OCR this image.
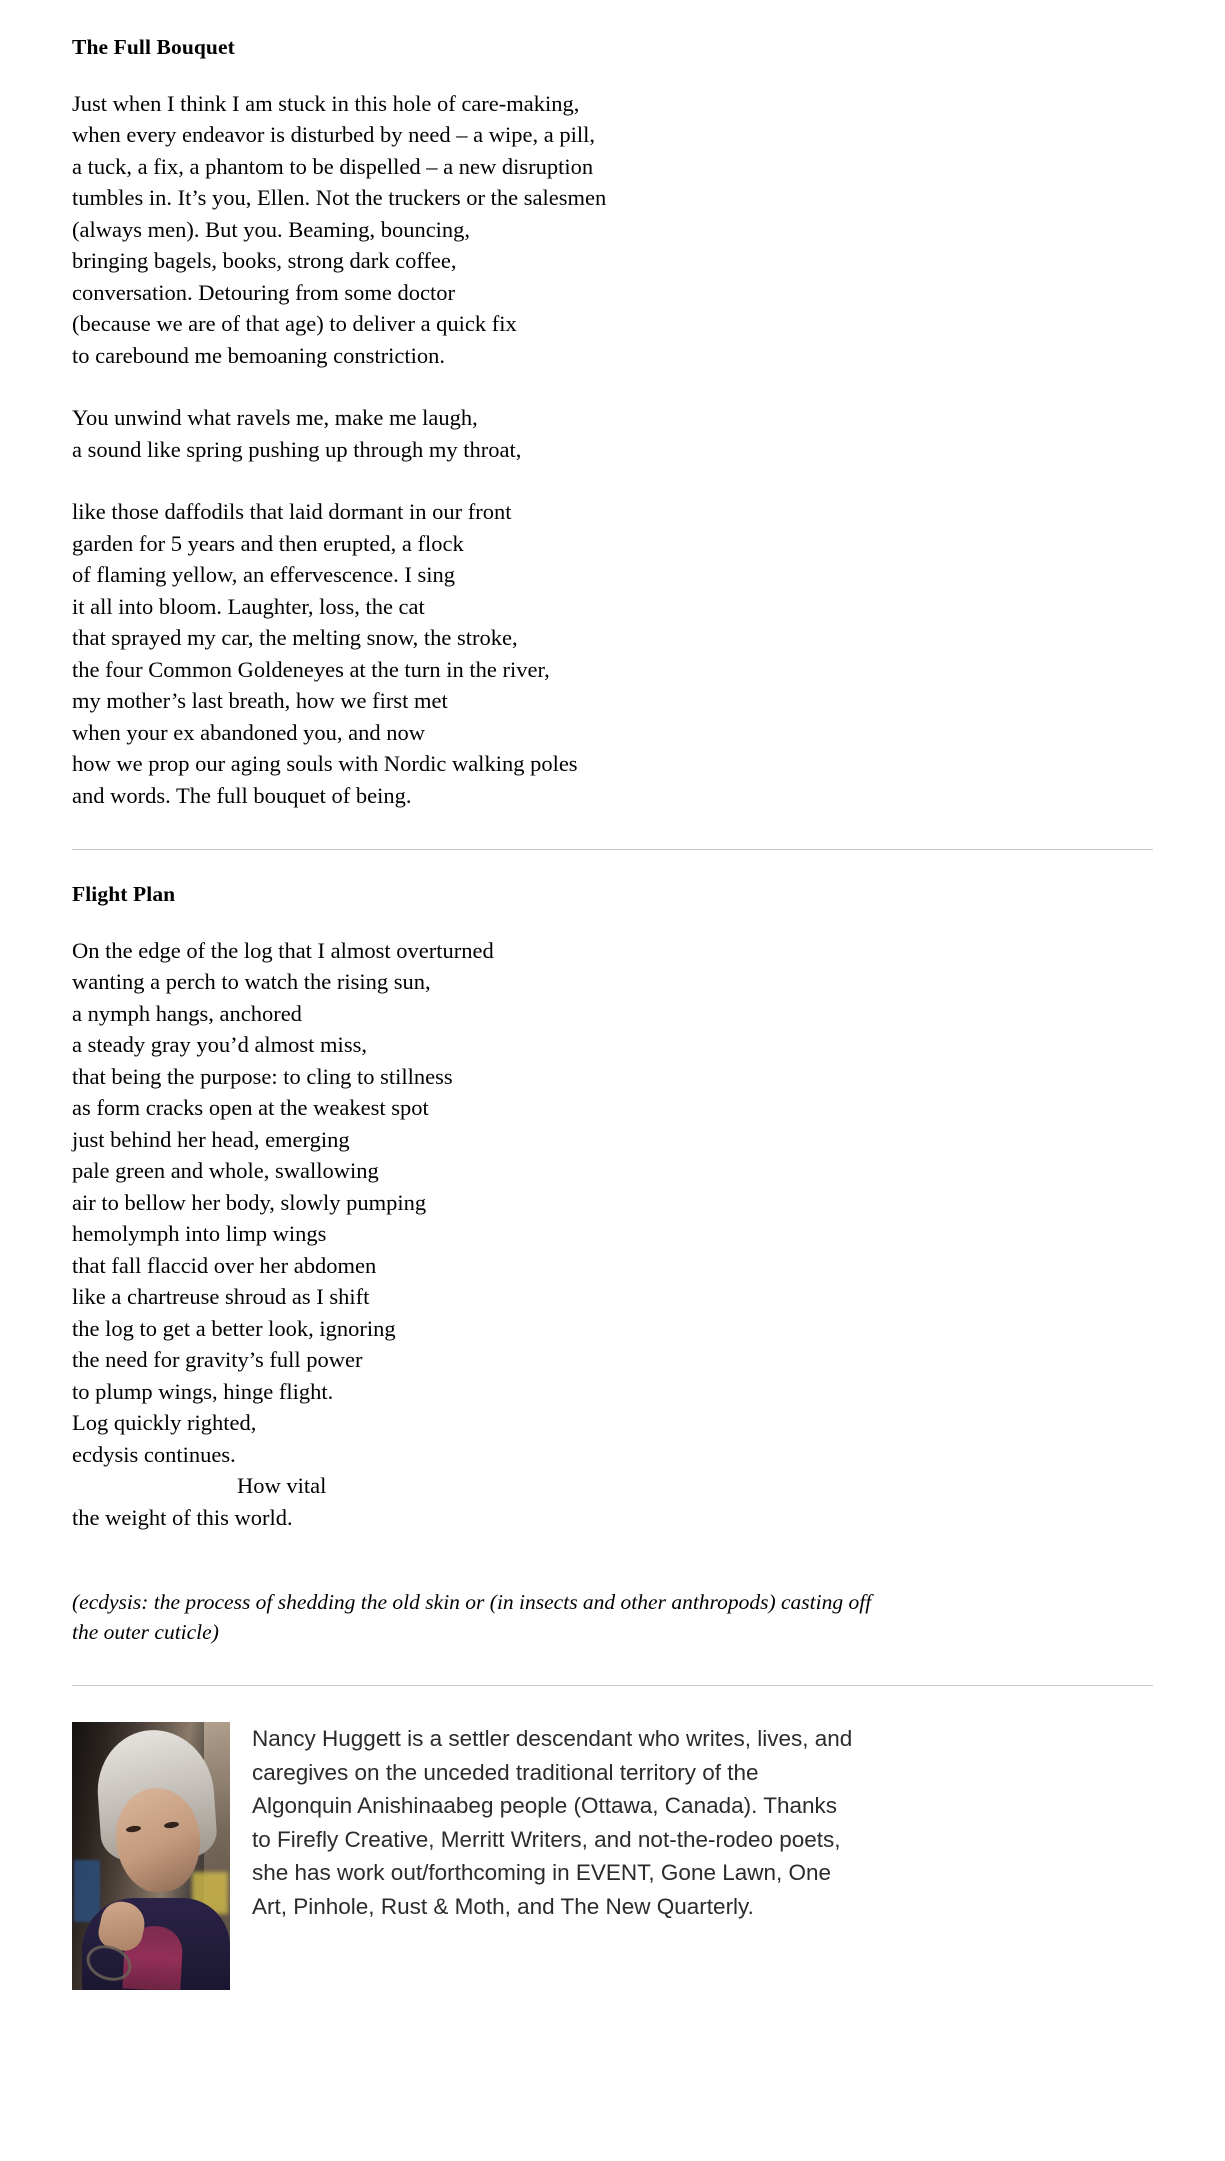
The Full Bouquet
Just when I think I am stuck in this hole of care-making,
when every endeavor is disturbed by need – a wipe, a pill,
a tuck, a fix, a phantom to be dispelled – a new disruption
tumbles in. It’s you, Ellen. Not the truckers or the salesmen
(always men). But you. Beaming, bouncing,
bringing bagels, books, strong dark coffee,
conversation. Detouring from some doctor
(because we are of that age) to deliver a quick fix
to carebound me bemoaning constriction.
You unwind what ravels me, make me laugh,
a sound like spring pushing up through my throat,
like those daffodils that laid dormant in our front
garden for 5 years and then erupted, a flock
of flaming yellow, an effervescence. I sing
it all into bloom. Laughter, loss, the cat
that sprayed my car, the melting snow, the stroke,
the four Common Goldeneyes at the turn in the river,
my mother’s last breath, how we first met
when your ex abandoned you, and now
how we prop our aging souls with Nordic walking poles
and words. The full bouquet of being.
Flight Plan
On the edge of the log that I almost overturned
wanting a perch to watch the rising sun,
a nymph hangs, anchored
a steady gray you’d almost miss,
that being the purpose: to cling to stillness
as form cracks open at the weakest spot
just behind her head, emerging
pale green and whole, swallowing
air to bellow her body, slowly pumping
hemolymph into limp wings
that fall flaccid over her abdomen
like a chartreuse shroud as I shift
the log to get a better look, ignoring
the need for gravity’s full power
to plump wings, hinge flight.
Log quickly righted,
ecdysis continues.
How vital
the weight of this world.
(ecdysis: the process of shedding the old skin or (in insects and other anthropods) casting off
the outer cuticle)
Nancy Huggett is a settler descendant who writes, lives, and
caregives on the unceded traditional territory of the
Algonquin Anishinaabeg people (Ottawa, Canada). Thanks
to Firefly Creative, Merritt Writers, and not-the-rodeo poets,
she has work out/forthcoming in EVENT, Gone Lawn, One
Art, Pinhole, Rust & Moth, and The New Quarterly.
